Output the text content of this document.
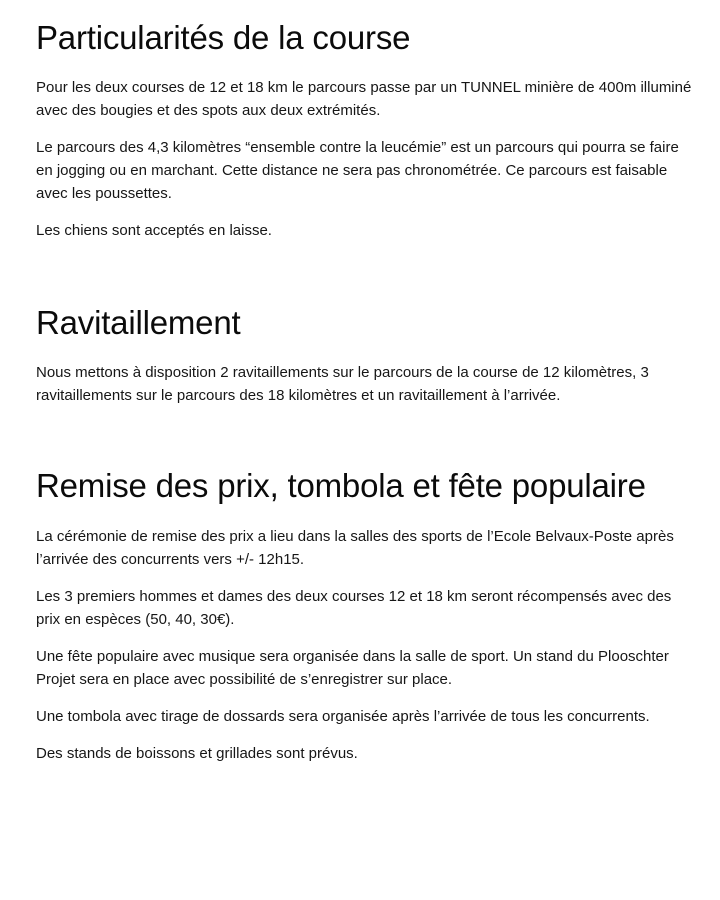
Particularités de la course

Pour les deux courses de 12 et 18 km le parcours passe par un TUNNEL minière de 400m illuminé avec des bougies et des spots aux deux extrémités.

Le parcours des 4,3 kilomètres “ensemble contre la leucémie” est un parcours qui pourra se faire en jogging ou en marchant. Cette distance ne sera pas chronométrée. Ce parcours est faisable avec les poussettes.

Les chiens sont acceptés en laisse.

Ravitaillement

Nous mettons à disposition 2 ravitaillements sur le parcours de la course de 12 kilomètres, 3 ravitaillements sur le parcours des 18 kilomètres et un ravitaillement à l’arrivée.

Remise des prix, tombola et fête populaire

La cérémonie de remise des prix a lieu dans la salles des sports de l’Ecole Belvaux-Poste après l’arrivée des concurrents vers +/- 12h15.

Les 3 premiers hommes et dames des deux courses 12 et 18 km seront récompensés avec des prix en espèces (50, 40, 30€).

Une fête populaire avec musique sera organisée dans la salle de sport. Un stand du Plooschter Projet sera en place avec possibilité de s’enregistrer sur place.

Une tombola avec tirage de dossards sera organisée après l’arrivée de tous les concurrents.

Des stands de boissons et grillades sont prévus.
